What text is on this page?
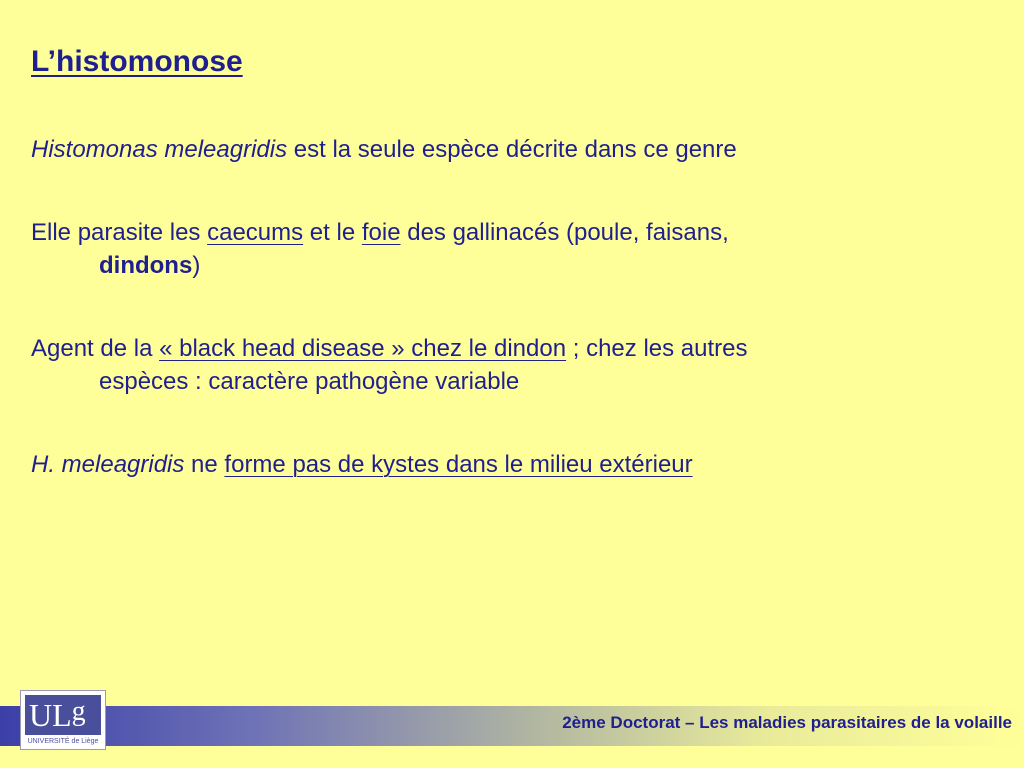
L’histomonose

Histomonas meleagridis est la seule espèce décrite dans ce genre

Elle parasite les caecums et le foie des gallinacés (poule, faisans,
dindons)

Agent de la « black head disease » chez le dindon ; chez les autres
espèces : caractère pathogène variable

H. meleagridis ne forme pas de kystes dans le milieu extérieur

2ème Doctorat – Les maladies parasitaires de la volaille
ULg
UNIVERSITÉ de Liège
